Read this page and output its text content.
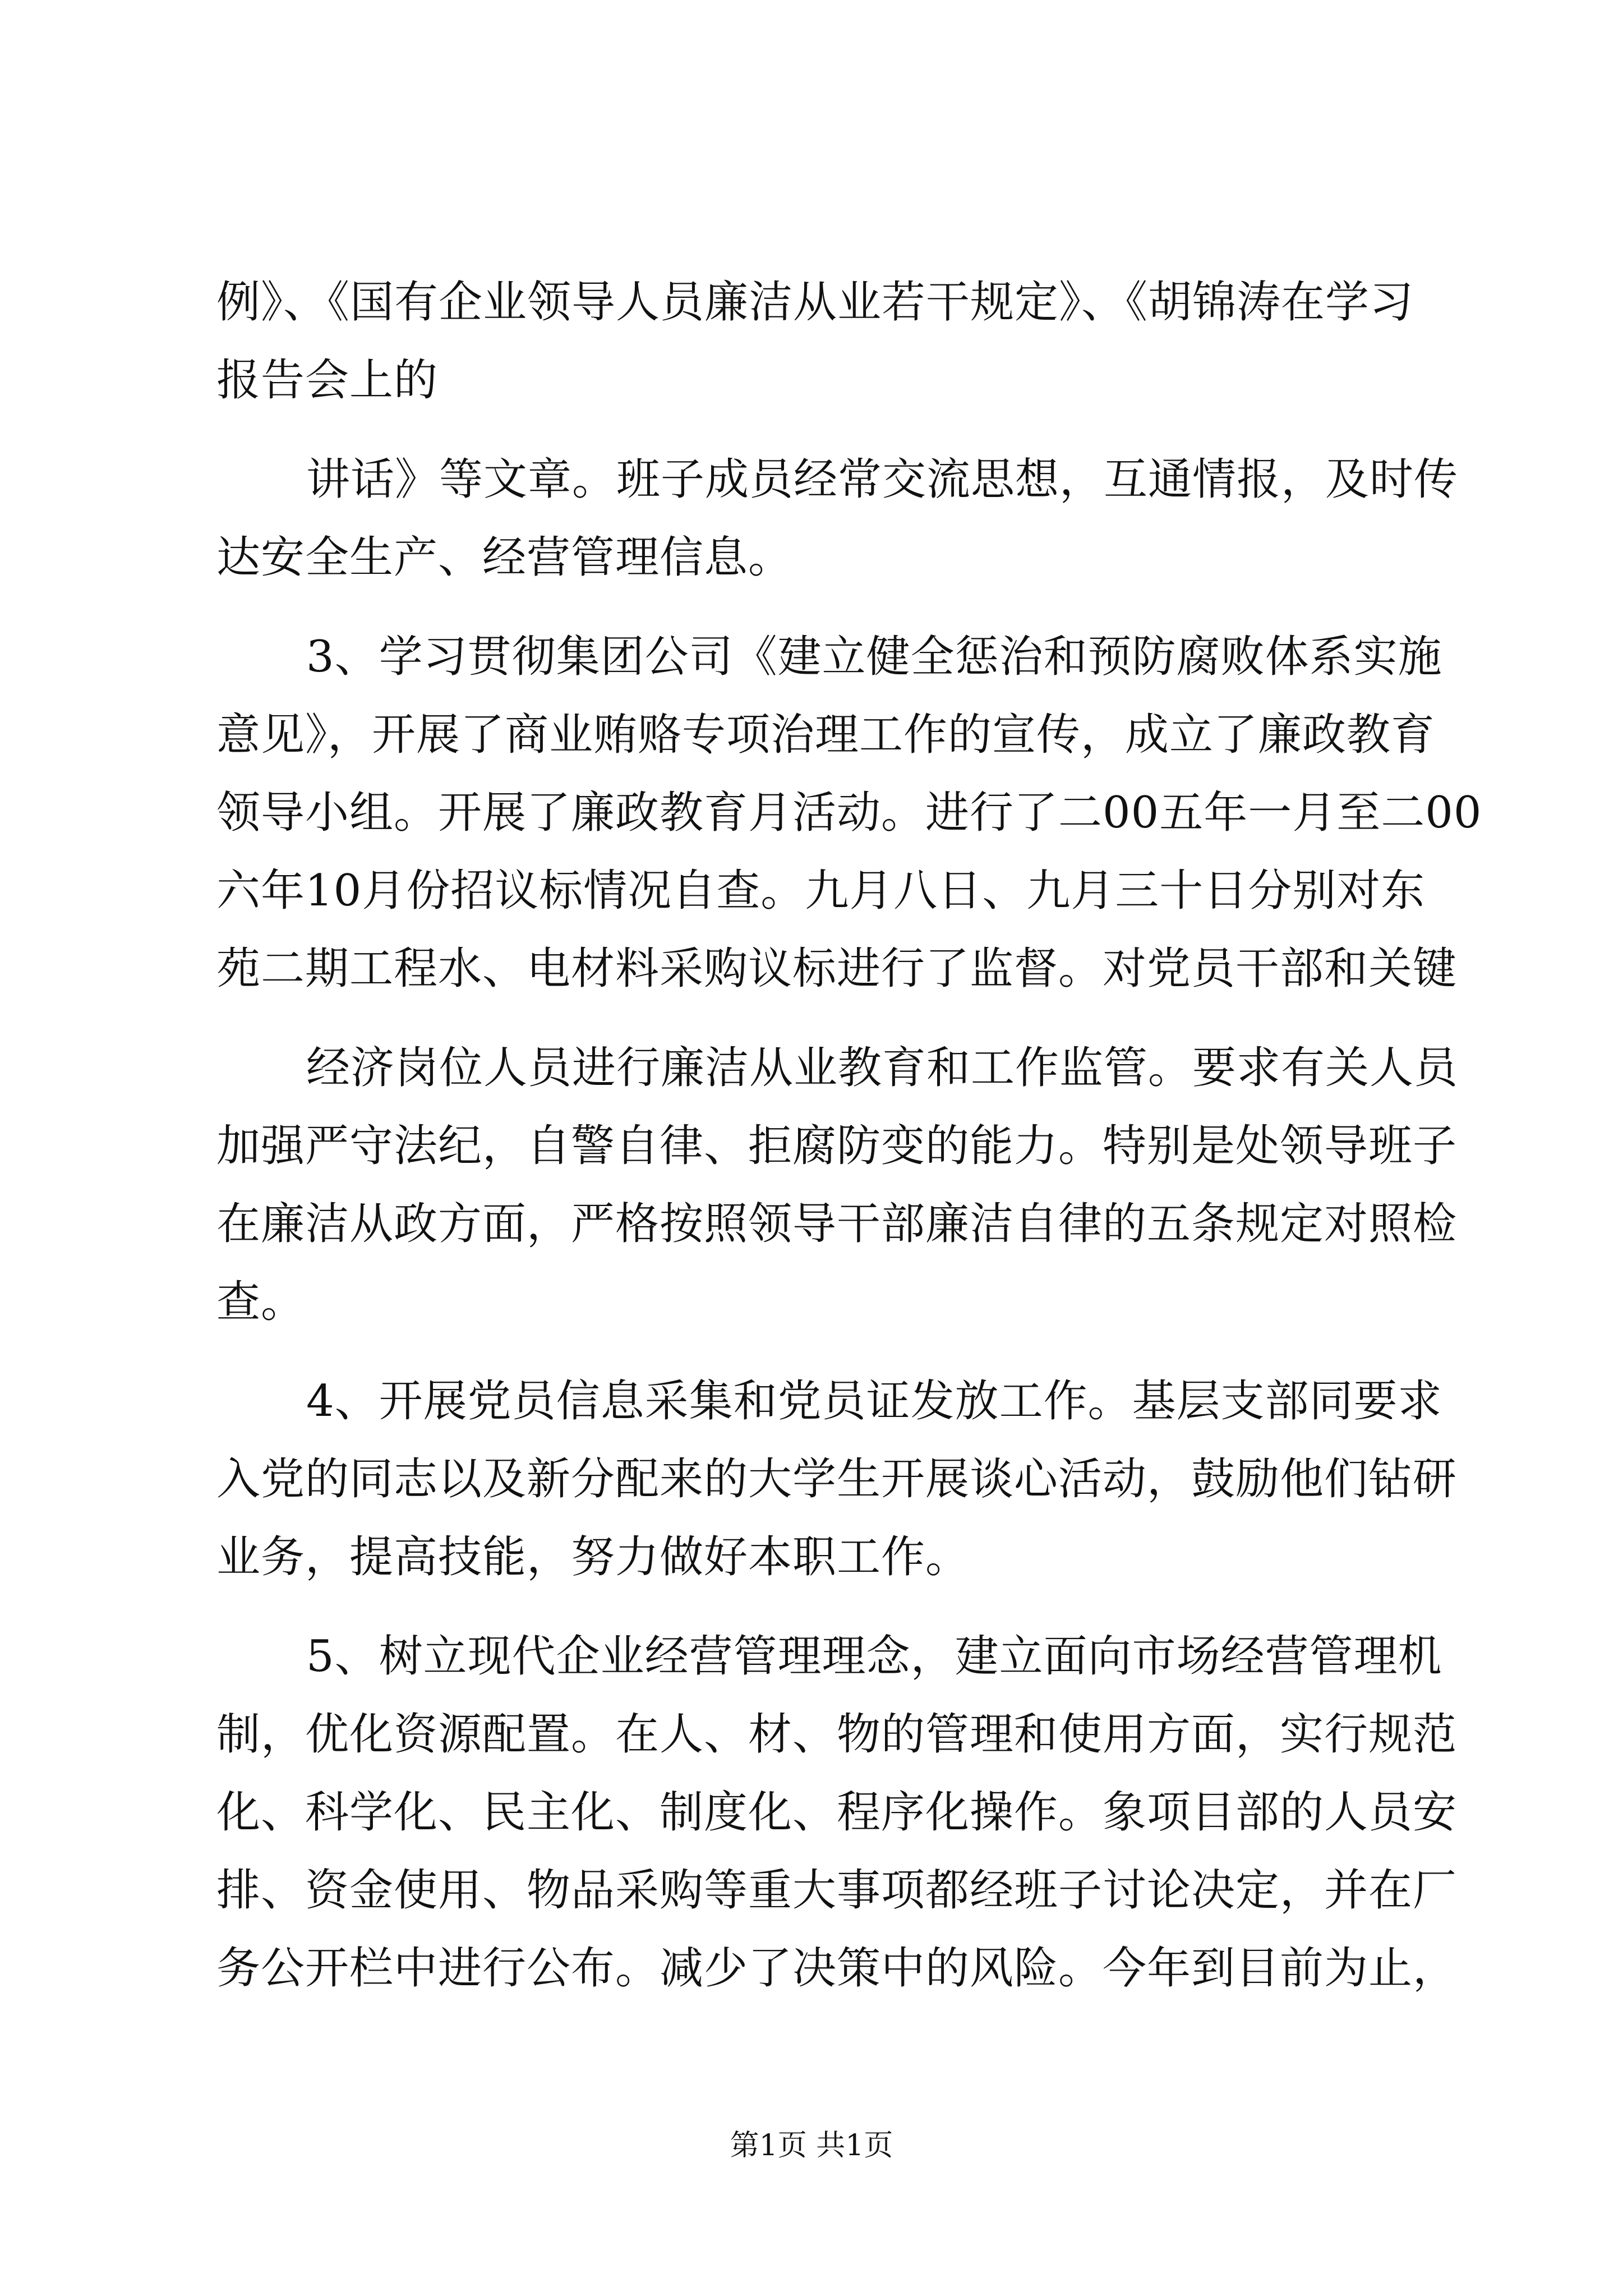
例》、《国有企业领导人员廉洁从业若干规定》、《胡锦涛在学习
报告会上的
讲话》等文章。班子成员经常交流思想，互通情报，及时传
达安全生产、经营管理信息。
3、学习贯彻集团公司《建立健全惩治和预防腐败体系实施
意见》，开展了商业贿赂专项治理工作的宣传，成立了廉政教育
领导小组。开展了廉政教育月活动。进行了二00五年一月至二00
六年10月份招议标情况自查。九月八日、九月三十日分别对东
苑二期工程水、电材料采购议标进行了监督。对党员干部和关键
经济岗位人员进行廉洁从业教育和工作监管。要求有关人员
加强严守法纪，自警自律、拒腐防变的能力。特别是处领导班子
在廉洁从政方面，严格按照领导干部廉洁自律的五条规定对照检
查。
4、开展党员信息采集和党员证发放工作。基层支部同要求
入党的同志以及新分配来的大学生开展谈心活动，鼓励他们钻研
业务，提高技能，努力做好本职工作。
5、树立现代企业经营管理理念，建立面向市场经营管理机
制，优化资源配置。在人、材、物的管理和使用方面，实行规范
化、科学化、民主化、制度化、程序化操作。象项目部的人员安
排、资金使用、物品采购等重大事项都经班子讨论决定，并在厂
务公开栏中进行公布。减少了决策中的风险。今年到目前为止，
第1页 共1页
